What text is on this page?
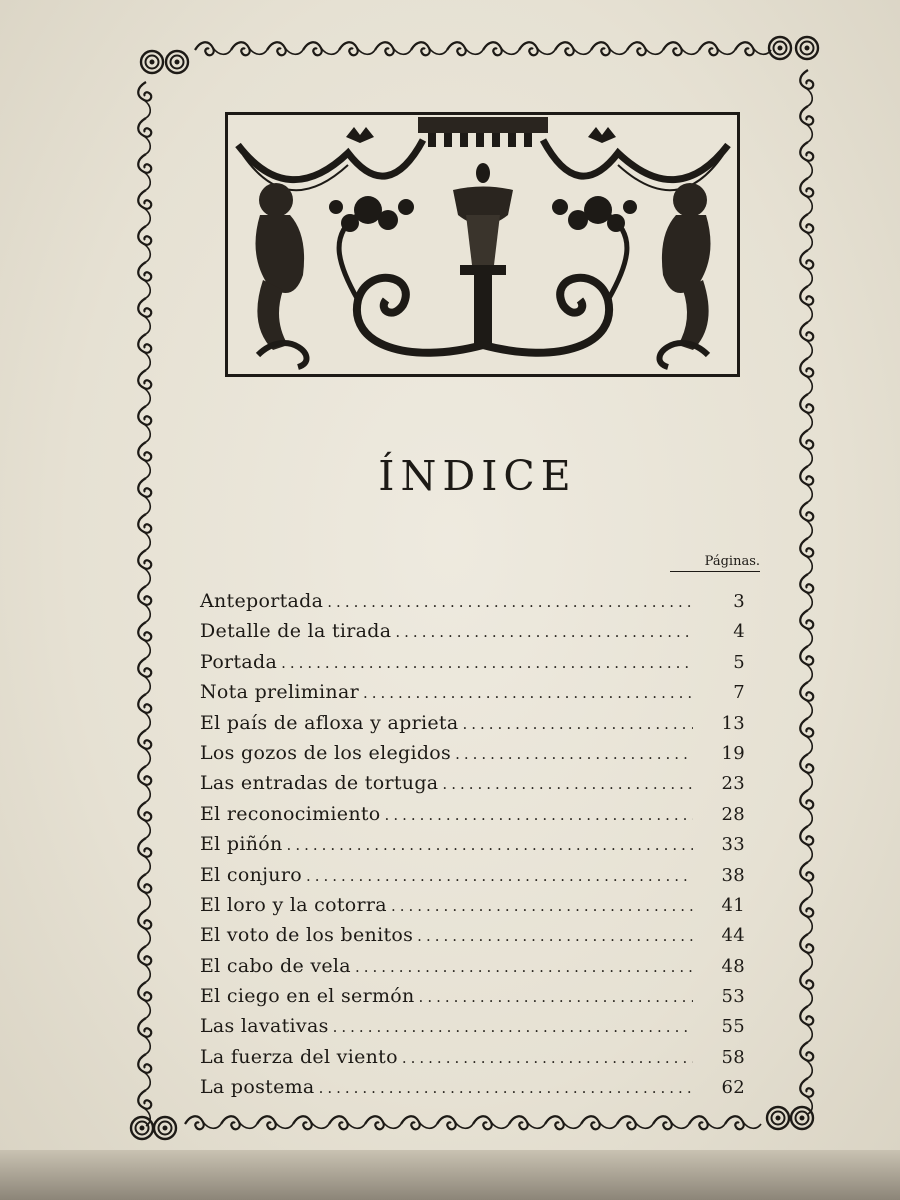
ÍNDICE
Páginas.
Anteportada .....	3
Detalle de la tirada .....	4
Portada .....	5
Nota preliminar .....	7
El país de afloxa y aprieta .....	13
Los gozos de los elegidos .....	19
Las entradas de tortuga .....	23
El reconocimiento .....	28
El piñón .....	33
El conjuro .....	38
El loro y la cotorra .....	41
El voto de los benitos .....	44
El cabo de vela .....	48
El ciego en el sermón .....	53
Las lavativas .....	55
La fuerza del viento .....	58
La postema .....	62
